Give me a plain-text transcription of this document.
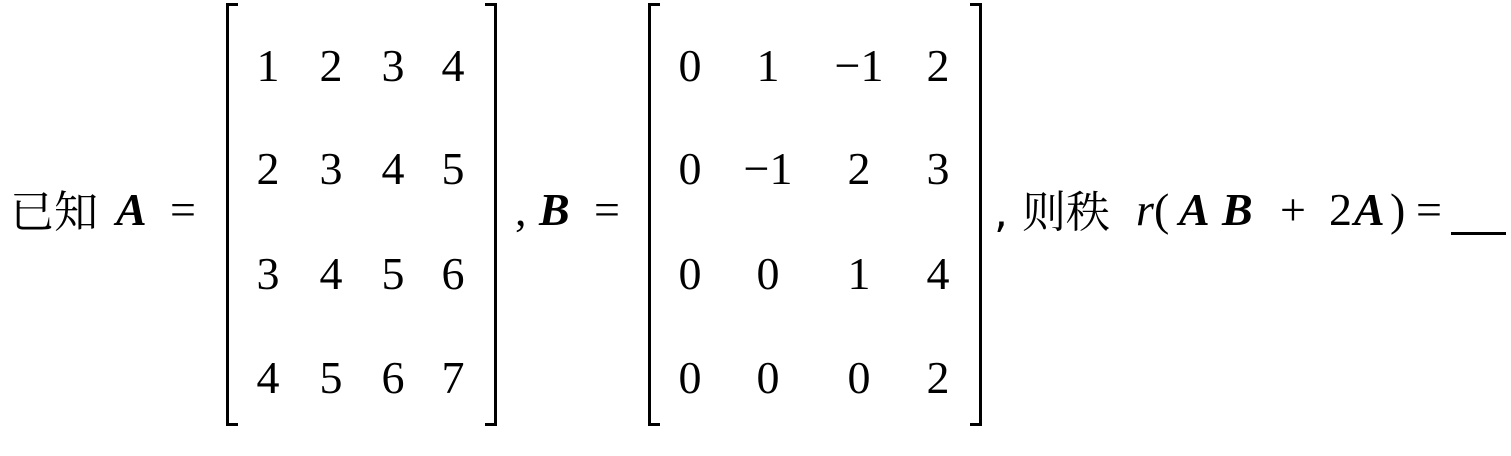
已知 A =
1 2 3 4
2 3 4 5
3 4 5 6
4 5 6 7
, B =
0	1	−1 2
0 −1	2	3
0	0	1	4
0	0	0	2
, 则秩 r ( A B + 2 A ) =
